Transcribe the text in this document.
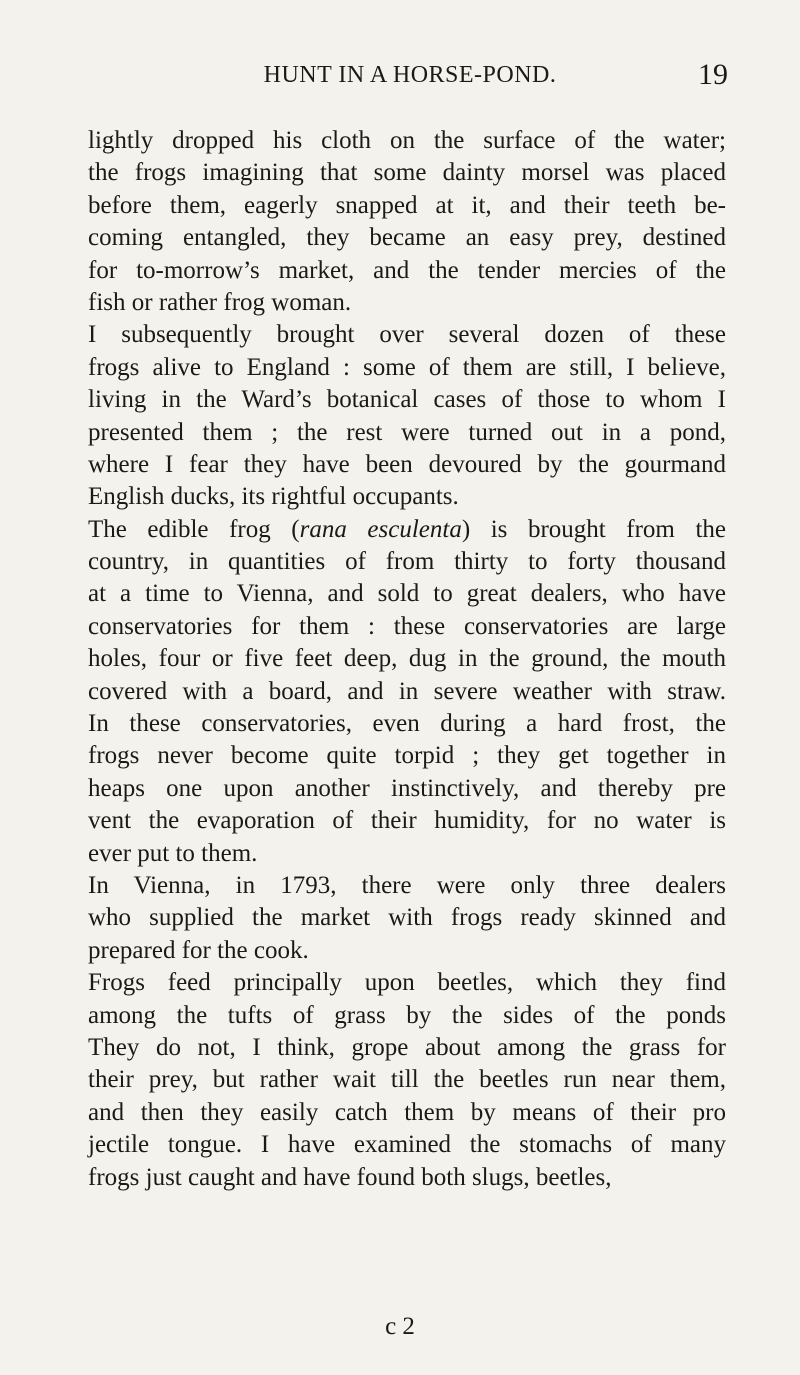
HUNT IN A HORSE-POND.	19
lightly dropped his cloth on the surface of the water;
the frogs imagining that some dainty morsel was placed
before them, eagerly snapped at it, and their teeth be-
coming entangled, they became an easy prey, destined
for to-morrow’s market, and the tender mercies of the
fish or rather frog woman.
I subsequently brought over several dozen of these
frogs alive to England : some of them are still, I believe,
living in the Ward’s botanical cases of those to whom I
presented them ; the rest were turned out in a pond,
where I fear they have been devoured by the gourmand
English ducks, its rightful occupants.
The edible frog (rana esculenta) is brought from the
country, in quantities of from thirty to forty thousand
at a time to Vienna, and sold to great dealers, who have
conservatories for them : these conservatories are large
holes, four or five feet deep, dug in the ground, the mouth
covered with a board, and in severe weather with straw.
In these conservatories, even during a hard frost, the
frogs never become quite torpid ; they get together in
heaps one upon another instinctively, and thereby pre
vent the evaporation of their humidity, for no water is
ever put to them.
In Vienna, in 1793, there were only three dealers
who supplied the market with frogs ready skinned and
prepared for the cook.
Frogs feed principally upon beetles, which they find
among the tufts of grass by the sides of the ponds
They do not, I think, grope about among the grass for
their prey, but rather wait till the beetles run near them,
and then they easily catch them by means of their pro
jectile tongue. I have examined the stomachs of many
frogs just caught and have found both slugs, beetles,
c 2
